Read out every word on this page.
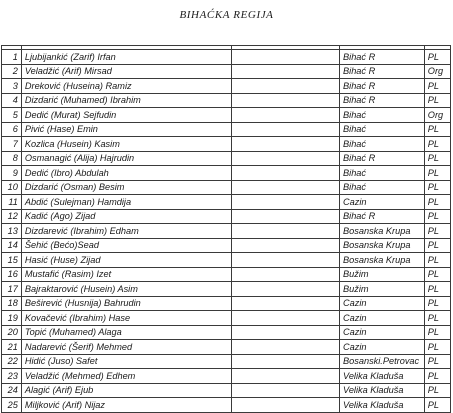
BIHAĆKA REGIJA

1	Ljubijankić (Zarif) Irfan		Bihać R	PL
2	Veladžić (Arif) Mirsad		Bihać R	Org
3	Dreković (Huseina) Ramiz		Bihać R	PL
4	Dizdarić (Muhamed) Ibrahim		Bihać R	PL
5	Dedić (Murat) Sejfudin		Bihać	Org
6	Pivić (Hase) Emin		Bihać	PL
7	Kozlica (Husein) Kasim		Bihać	PL
8	Osmanagić (Alija) Hajrudin		Bihać R	PL
9	Dedić (Ibro) Abdulah		Bihać	PL
10	Dizdarić (Osman) Besim		Bihać	PL
11	Abdić (Sulejman) Hamdija		Cazin	PL
12	Kadić (Ago) Zijad		Bihać R	PL
13	Dizdarević (Ibrahim) Edham		Bosanska Krupa	PL
14	Šehić (Bećo)Sead		Bosanska Krupa	PL
15	Hasić (Huse) Zijad		Bosanska Krupa	PL
16	Mustafić (Rasim) Izet		Bužim	PL
17	Bajraktarović (Husein) Asim		Bužim	PL
18	Beširević (Husnija) Bahrudin		Cazin	PL
19	Kovačević (Ibrahim) Hase		Cazin	PL
20	Topić (Muhamed) Alaga		Cazin	PL
21	Nadarević (Šerif) Mehmed		Cazin	PL
22	Hidić (Juso) Safet		Bosanski.Petrovac	PL
23	Veladžić (Mehmed) Edhem		Velika Kladuša	PL
24	Alagić (Arif) Ejub		Velika Kladuša	PL
25	Miljković (Arif) Nijaz		Velika Kladuša	PL
